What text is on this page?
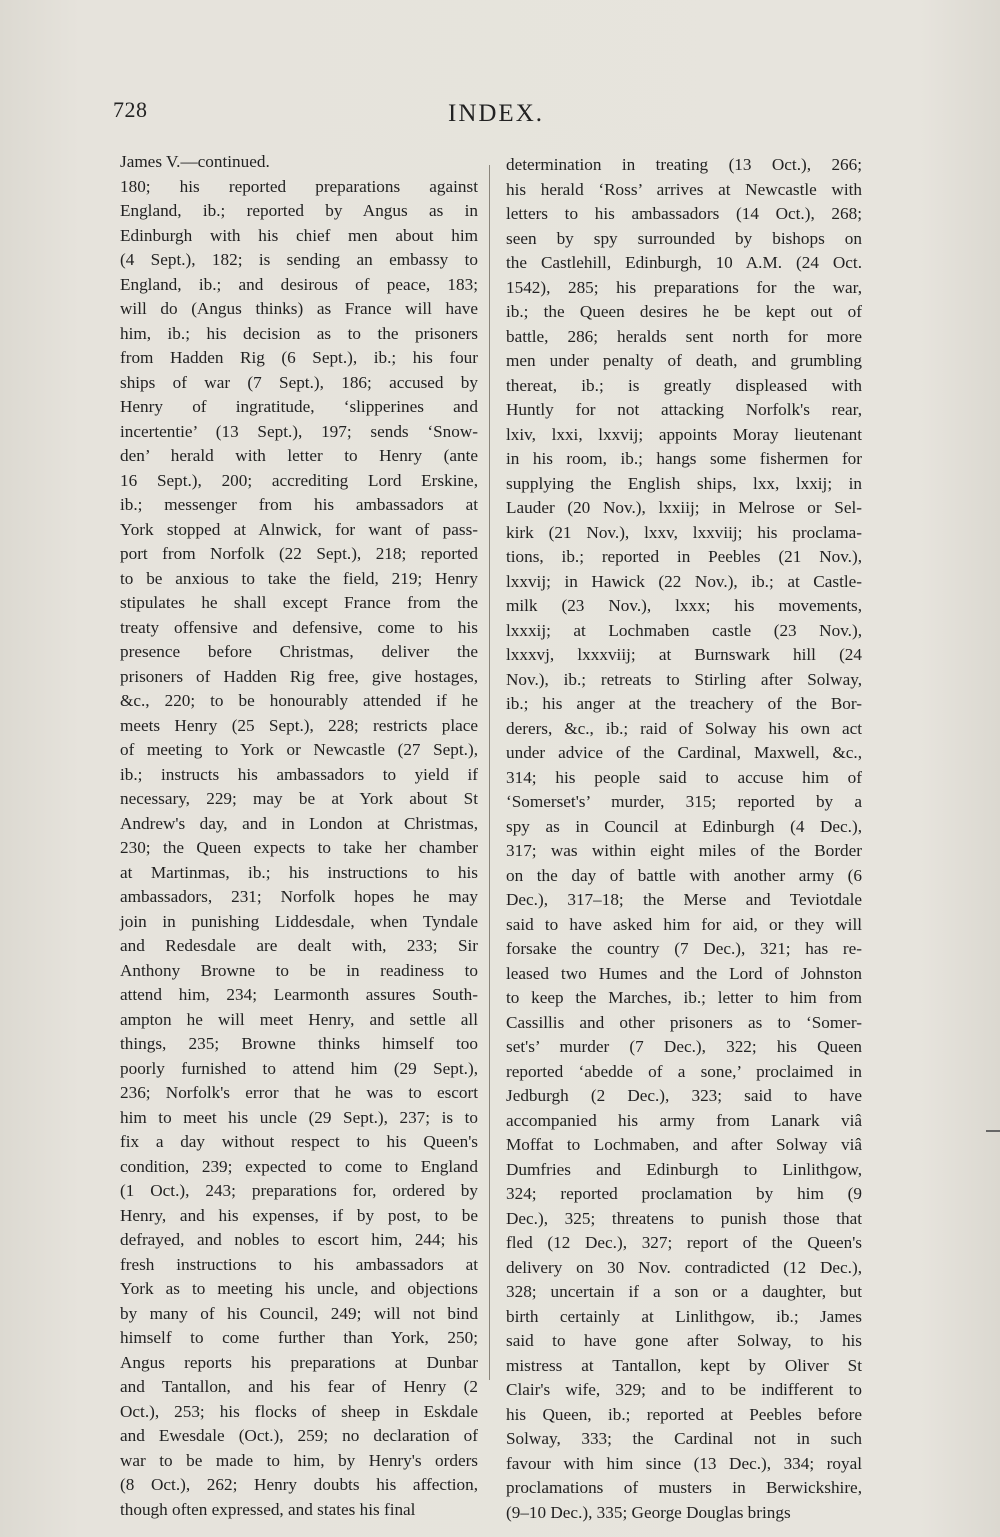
728	INDEX.
James V.—continued.
180; his reported preparations against
England, ib.; reported by Angus as in
Edinburgh with his chief men about him
(4 Sept.), 182; is sending an embassy to
England, ib.; and desirous of peace, 183;
will do (Angus thinks) as France will have
him, ib.; his decision as to the prisoners
from Hadden Rig (6 Sept.), ib.; his four
ships of war (7 Sept.), 186; accused by
Henry of ingratitude, ‘slipperines and
incertentie’ (13 Sept.), 197; sends ‘Snow-
den’ herald with letter to Henry (ante
16 Sept.), 200; accrediting Lord Erskine,
ib.; messenger from his ambassadors at
York stopped at Alnwick, for want of pass-
port from Norfolk (22 Sept.), 218; reported
to be anxious to take the field, 219; Henry
stipulates he shall except France from the
treaty offensive and defensive, come to his
presence before Christmas, deliver the
prisoners of Hadden Rig free, give hostages,
&c., 220; to be honourably attended if he
meets Henry (25 Sept.), 228; restricts place
of meeting to York or Newcastle (27 Sept.),
ib.; instructs his ambassadors to yield if
necessary, 229; may be at York about St
Andrew's day, and in London at Christmas,
230; the Queen expects to take her chamber
at Martinmas, ib.; his instructions to his
ambassadors, 231; Norfolk hopes he may
join in punishing Liddesdale, when Tyndale
and Redesdale are dealt with, 233; Sir
Anthony Browne to be in readiness to
attend him, 234; Learmonth assures South-
ampton he will meet Henry, and settle all
things, 235; Browne thinks himself too
poorly furnished to attend him (29 Sept.),
236; Norfolk's error that he was to escort
him to meet his uncle (29 Sept.), 237; is to
fix a day without respect to his Queen's
condition, 239; expected to come to England
(1 Oct.), 243; preparations for, ordered by
Henry, and his expenses, if by post, to be
defrayed, and nobles to escort him, 244; his
fresh instructions to his ambassadors at
York as to meeting his uncle, and objections
by many of his Council, 249; will not bind
himself to come further than York, 250;
Angus reports his preparations at Dunbar
and Tantallon, and his fear of Henry (2
Oct.), 253; his flocks of sheep in Eskdale
and Ewesdale (Oct.), 259; no declaration of
war to be made to him, by Henry's orders
(8 Oct.), 262; Henry doubts his affection,
though often expressed, and states his final
determination in treating (13 Oct.), 266;
his herald ‘Ross’ arrives at Newcastle with
letters to his ambassadors (14 Oct.), 268;
seen by spy surrounded by bishops on
the Castlehill, Edinburgh, 10 A.M. (24 Oct.
1542), 285; his preparations for the war,
ib.; the Queen desires he be kept out of
battle, 286; heralds sent north for more
men under penalty of death, and grumbling
thereat, ib.; is greatly displeased with
Huntly for not attacking Norfolk's rear,
lxiv, lxxi, lxxvij; appoints Moray lieutenant
in his room, ib.; hangs some fishermen for
supplying the English ships, lxx, lxxij; in
Lauder (20 Nov.), lxxiij; in Melrose or Sel-
kirk (21 Nov.), lxxv, lxxviij; his proclama-
tions, ib.; reported in Peebles (21 Nov.),
lxxvij; in Hawick (22 Nov.), ib.; at Castle-
milk (23 Nov.), lxxx; his movements,
lxxxij; at Lochmaben castle (23 Nov.),
lxxxvj, lxxxviij; at Burnswark hill (24
Nov.), ib.; retreats to Stirling after Solway,
ib.; his anger at the treachery of the Bor-
derers, &c., ib.; raid of Solway his own act
under advice of the Cardinal, Maxwell, &c.,
314; his people said to accuse him of
‘Somerset's’ murder, 315; reported by a
spy as in Council at Edinburgh (4 Dec.),
317; was within eight miles of the Border
on the day of battle with another army (6
Dec.), 317–18; the Merse and Teviotdale
said to have asked him for aid, or they will
forsake the country (7 Dec.), 321; has re-
leased two Humes and the Lord of Johnston
to keep the Marches, ib.; letter to him from
Cassillis and other prisoners as to ‘Somer-
set's’ murder (7 Dec.), 322; his Queen
reported ‘abedde of a sone,’ proclaimed in
Jedburgh (2 Dec.), 323; said to have
accompanied his army from Lanark viâ
Moffat to Lochmaben, and after Solway viâ
Dumfries and Edinburgh to Linlithgow,
324; reported proclamation by him (9
Dec.), 325; threatens to punish those that
fled (12 Dec.), 327; report of the Queen's
delivery on 30 Nov. contradicted (12 Dec.),
328; uncertain if a son or a daughter, but
birth certainly at Linlithgow, ib.; James
said to have gone after Solway, to his
mistress at Tantallon, kept by Oliver St
Clair's wife, 329; and to be indifferent to
his Queen, ib.; reported at Peebles before
Solway, 333; the Cardinal not in such
favour with him since (13 Dec.), 334; royal
proclamations of musters in Berwickshire,
(9–10 Dec.), 335; George Douglas brings
